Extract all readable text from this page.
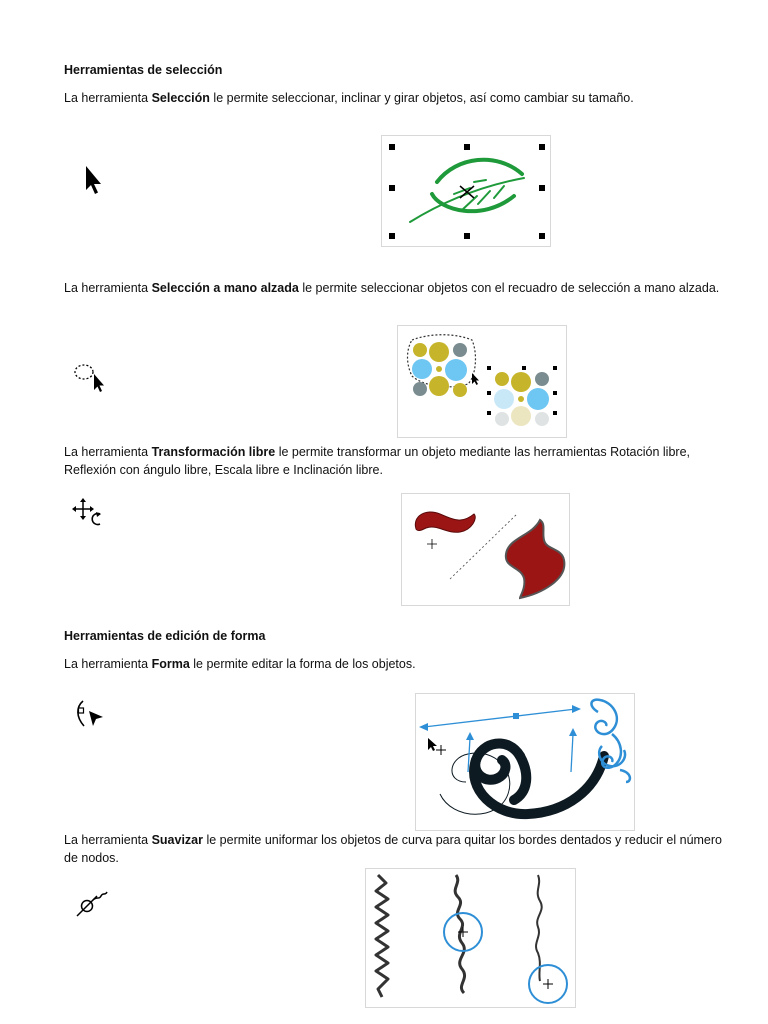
Herramientas de selección

La herramienta Selección le permite seleccionar, inclinar y girar objetos, así como cambiar su tamaño.

La herramienta Selección a mano alzada le permite seleccionar objetos con el recuadro de selección a mano alzada.

La herramienta Transformación libre le permite transformar un objeto mediante las herramientas Rotación libre, Reflexión con ángulo libre, Escala libre e Inclinación libre.

Herramientas de edición de forma

La herramienta Forma le permite editar la forma de los objetos.

La herramienta Suavizar le permite uniformar los objetos de curva para quitar los bordes dentados y reducir el número de nodos.
